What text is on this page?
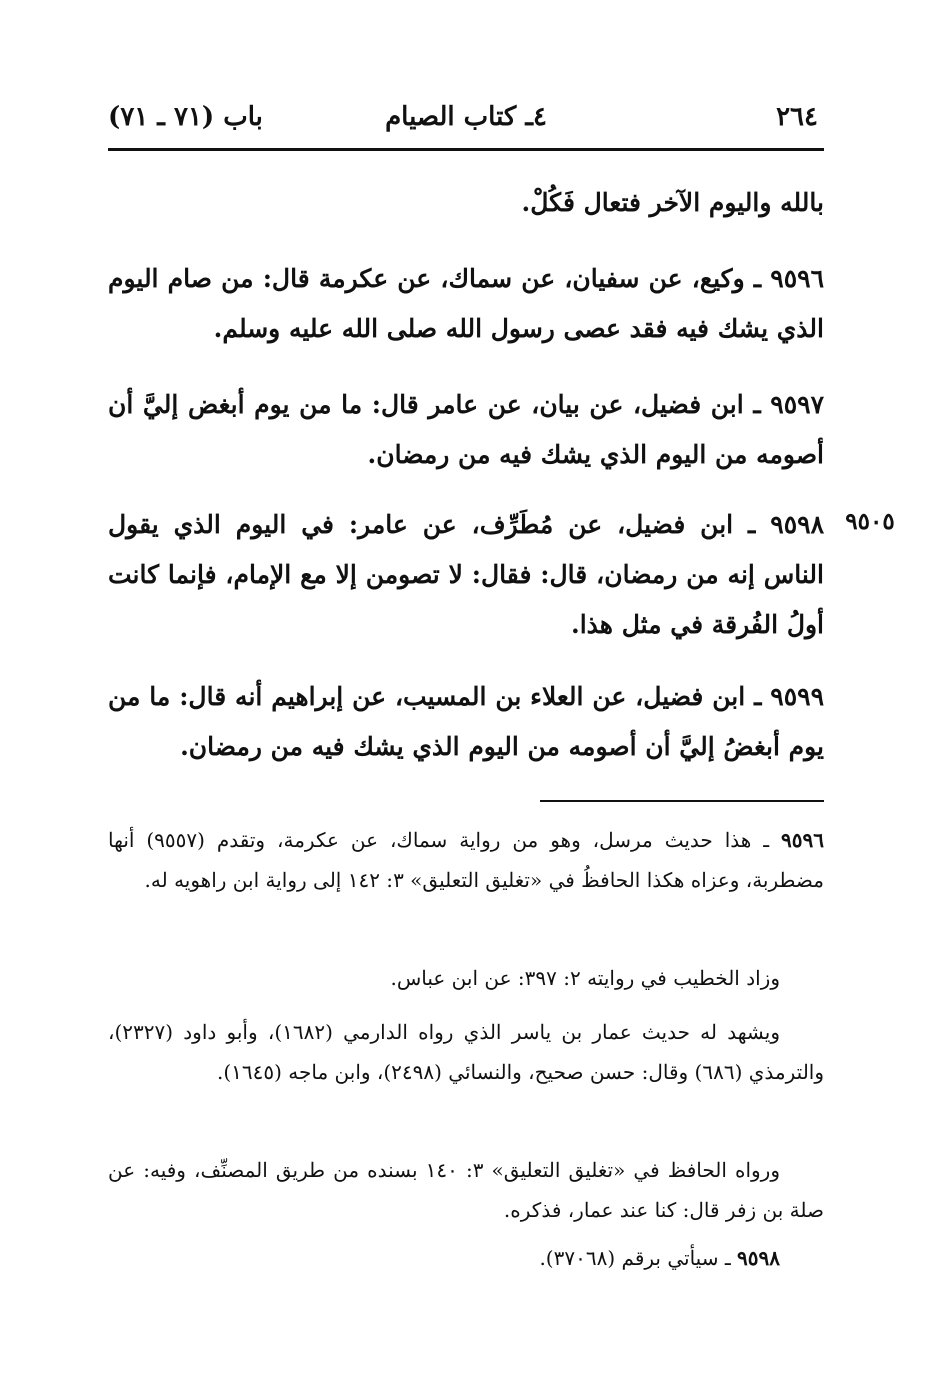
٢٦٤
٤ـ كتاب الصيام
باب (٧١ ـ ٧١)

بالله واليوم الآخر فتعال فَكُلْ.

٩٥٩٦ ـ وكيع، عن سفيان، عن سماك، عن عكرمة قال: من صام اليوم الذي يشك فيه فقد عصى رسول الله صلى الله عليه وسلم.

٩٥٩٧ ـ ابن فضيل، عن بيان، عن عامر قال: ما من يوم أبغض إليَّ أن أصومه من اليوم الذي يشك فيه من رمضان.

٩٥٠٥

٩٥٩٨ ـ ابن فضيل، عن مُطَرِّف، عن عامر: في اليوم الذي يقول الناس إنه من رمضان، قال: فقال: لا تصومن إلا مع الإمام، فإنما كانت أولُ الفُرقة في مثل هذا.

٩٥٩٩ ـ ابن فضيل، عن العلاء بن المسيب، عن إبراهيم أنه قال: ما من يوم أبغضُ إليَّ أن أصومه من اليوم الذي يشك فيه من رمضان.

٩٥٩٦ ـ هذا حديث مرسل، وهو من رواية سماك، عن عكرمة، وتقدم (٩٥٥٧) أنها مضطربة، وعزاه هكذا الحافظُ في «تغليق التعليق» ٣: ١٤٢ إلى رواية ابن راهويه له.

وزاد الخطيب في روايته ٢: ٣٩٧: عن ابن عباس.

ويشهد له حديث عمار بن ياسر الذي رواه الدارمي (١٦٨٢)، وأبو داود (٢٣٢٧)، والترمذي (٦٨٦) وقال: حسن صحيح، والنسائي (٢٤٩٨)، وابن ماجه (١٦٤٥).

ورواه الحافظ في «تغليق التعليق» ٣: ١٤٠ بسنده من طريق المصنِّف، وفيه: عن صلة بن زفر قال: كنا عند عمار، فذكره.

٩٥٩٨ ـ سيأتي برقم (٣٧٠٦٨).
